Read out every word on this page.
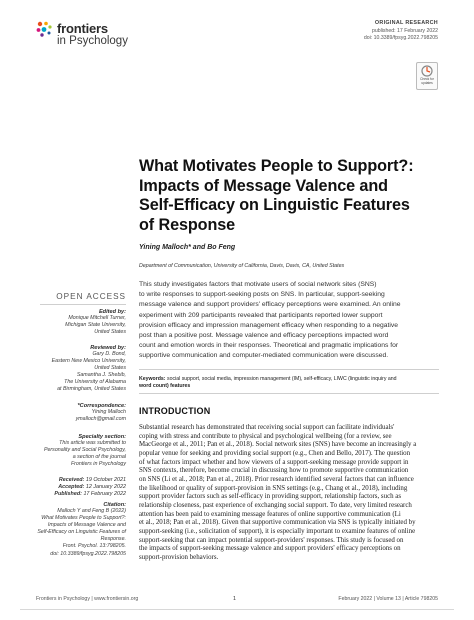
frontiers
in Psychology
ORIGINAL RESEARCH
published: 17 February 2022
doi: 10.3389/fpsyg.2022.798205
Check for updates
What Motivates People to Support?:
Impacts of Message Valence and
Self-Efficacy on Linguistic Features
of Response
Yining Malloch* and Bo Feng
Department of Communication, University of California, Davis, Davis, CA, United States
This study investigates factors that motivate users of social network sites (SNS)
to write responses to support-seeking posts on SNS. In particular, support-seeking
message valence and support providers' efficacy perceptions were examined. An online
experiment with 209 participants revealed that participants reported lower support
provision efficacy and impression management efficacy when responding to a negative
post than a positive post. Message valence and efficacy perceptions impacted word
count and emotion words in their responses. Theoretical and pragmatic implications for
supportive communication and computer-mediated communication were discussed.
Keywords: social support, social media, impression management (IM), self-efficacy, LIWC (linguistic inquiry and
word count) features
OPEN ACCESS
Edited by:
Monique Mitchell Turner,
Michigan State University,
United States
Reviewed by:
Gary D. Bond,
Eastern New Mexico University,
United States
Samantha J. Shebib,
The University of Alabama
at Birmingham, United States
*Correspondence:
Yining Malloch
ymalloch@gmail.com
Specialty section:
This article was submitted to
Personality and Social Psychology,
a section of the journal
Frontiers in Psychology
Received: 19 October 2021
Accepted: 12 January 2022
Published: 17 February 2022
Citation:
Malloch Y and Feng B (2022)
What Motivates People to Support?:
Impacts of Message Valence and
Self-Efficacy on Linguistic Features of
Response.
Front. Psychol. 13:798205.
doi: 10.3389/fpsyg.2022.798205
INTRODUCTION
Substantial research has demonstrated that receiving social support can facilitate individuals'
coping with stress and contribute to physical and psychological wellbeing (for a review, see
MacGeorge et al., 2011; Pan et al., 2018). Social network sites (SNS) have become an increasingly a
popular venue for seeking and providing social support (e.g., Chen and Bello, 2017). The question
of what factors impact whether and how viewers of a support-seeking message provide support in
SNS contexts, therefore, become crucial in discussing how to promote supportive communication
on SNS (Li et al., 2018; Pan et al., 2018). Prior research identified several factors that can influence
the likelihood or quality of support-provision in SNS settings (e.g., Chang et al., 2018), including
support provider factors such as self-efficacy in providing support, relationship factors, such as
relationship closeness, past experience of exchanging social support. To date, very limited research
attention has been paid to examining message features of online supportive communication (Li
et al., 2018; Pan et al., 2018). Given that supportive communication via SNS is typically initiated by
support-seeking (i.e., solicitation of support), it is especially important to examine features of online
support-seeking that can impact potential support-providers' responses. This study is focused on
the impacts of support-seeking message valence and support providers' efficacy perceptions on
support-provision behaviors.
Frontiers in Psychology | www.frontiersin.org	1	February 2022 | Volume 13 | Article 798205
